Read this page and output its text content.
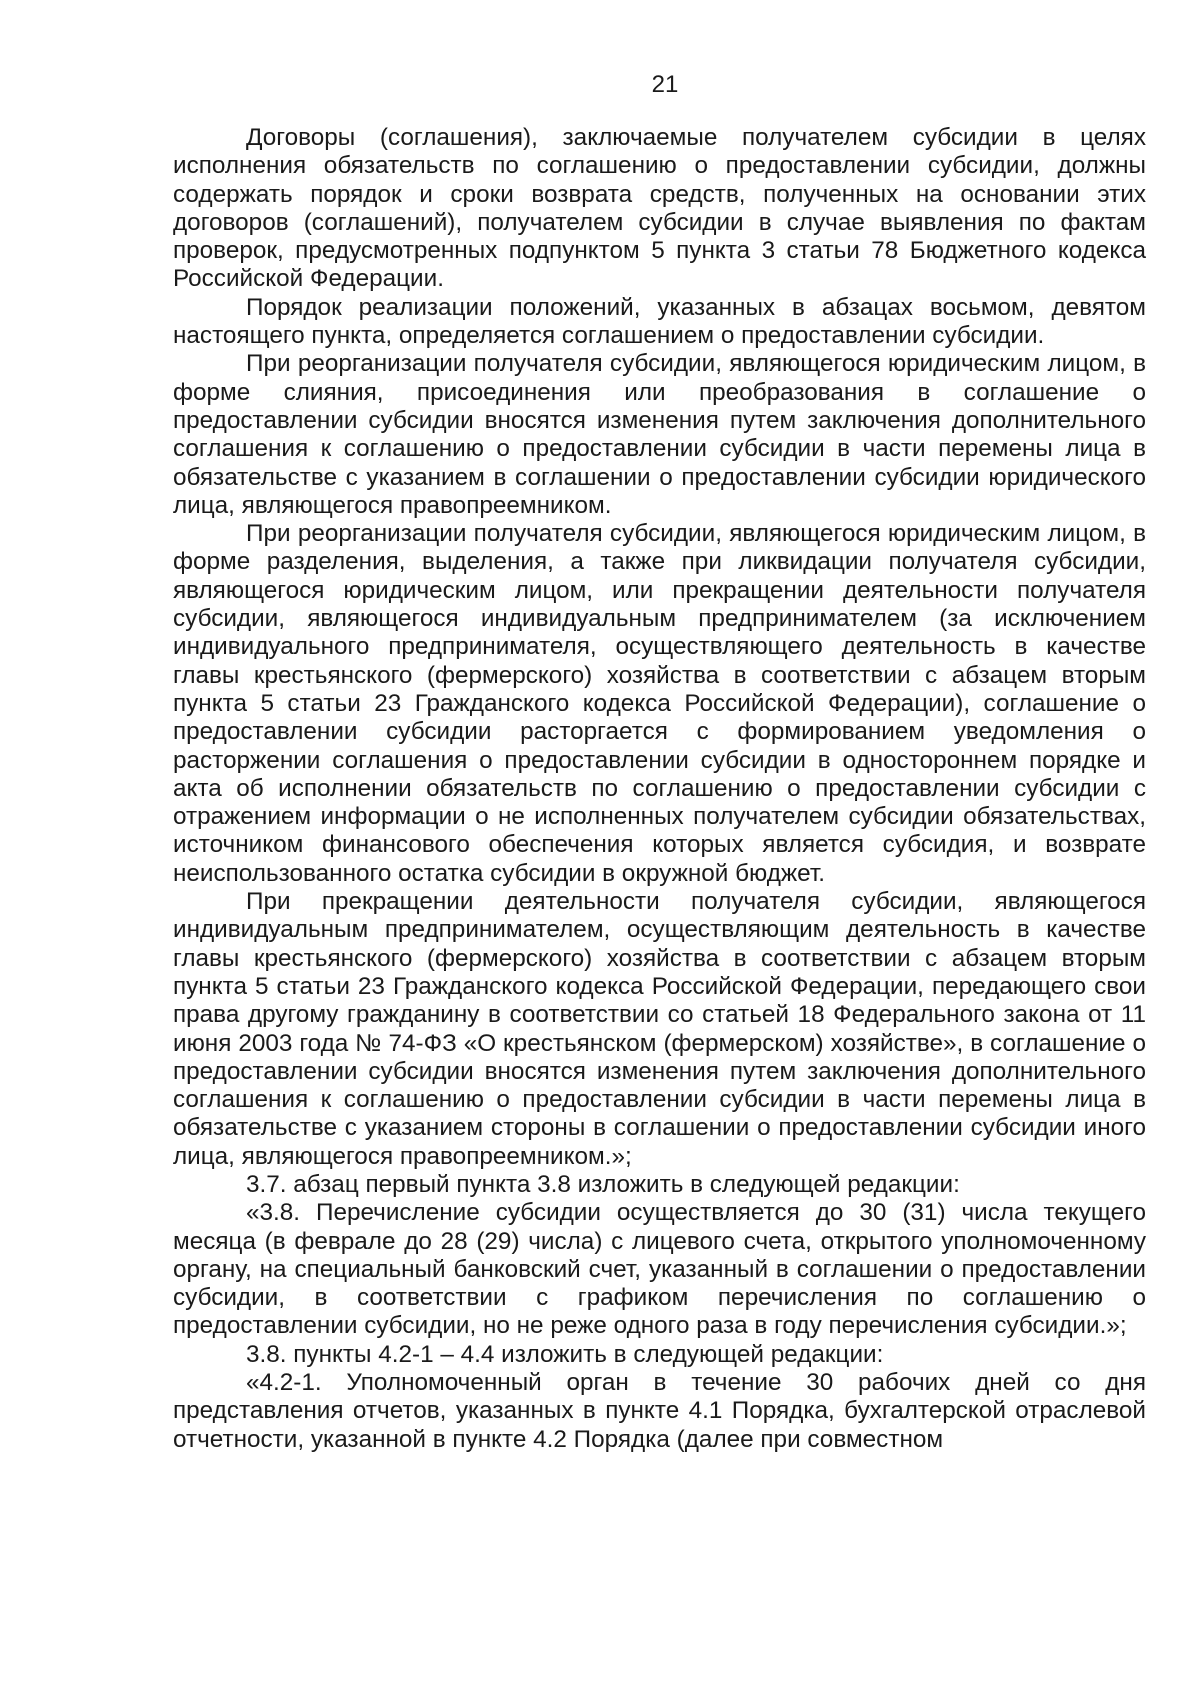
21

Договоры (соглашения), заключаемые получателем субсидии в целях исполнения обязательств по соглашению о предоставлении субсидии, должны содержать порядок и сроки возврата средств, полученных на основании этих договоров (соглашений), получателем субсидии в случае выявления по фактам проверок, предусмотренных подпунктом 5 пункта 3 статьи 78 Бюджетного кодекса Российской Федерации.

Порядок реализации положений, указанных в абзацах восьмом, девятом настоящего пункта, определяется соглашением о предоставлении субсидии.

При реорганизации получателя субсидии, являющегося юридическим лицом, в форме слияния, присоединения или преобразования в соглашение о предоставлении субсидии вносятся изменения путем заключения дополнительного соглашения к соглашению о предоставлении субсидии в части перемены лица в обязательстве с указанием в соглашении о предоставлении субсидии юридического лица, являющегося правопреемником.

При реорганизации получателя субсидии, являющегося юридическим лицом, в форме разделения, выделения, а также при ликвидации получателя субсидии, являющегося юридическим лицом, или прекращении деятельности получателя субсидии, являющегося индивидуальным предпринимателем (за исключением индивидуального предпринимателя, осуществляющего деятельность в качестве главы крестьянского (фермерского) хозяйства в соответствии с абзацем вторым пункта 5 статьи 23 Гражданского кодекса Российской Федерации), соглашение о предоставлении субсидии расторгается с формированием уведомления о расторжении соглашения о предоставлении субсидии в одностороннем порядке и акта об исполнении обязательств по соглашению о предоставлении субсидии с отражением информации о не исполненных получателем субсидии обязательствах, источником финансового обеспечения которых является субсидия, и возврате неиспользованного остатка субсидии в окружной бюджет.

При прекращении деятельности получателя субсидии, являющегося индивидуальным предпринимателем, осуществляющим деятельность в качестве главы крестьянского (фермерского) хозяйства в соответствии с абзацем вторым пункта 5 статьи 23 Гражданского кодекса Российской Федерации, передающего свои права другому гражданину в соответствии со статьей 18 Федерального закона от 11 июня 2003 года № 74-ФЗ «О крестьянском (фермерском) хозяйстве», в соглашение о предоставлении субсидии вносятся изменения путем заключения дополнительного соглашения к соглашению о предоставлении субсидии в части перемены лица в обязательстве с указанием стороны в соглашении о предоставлении субсидии иного лица, являющегося правопреемником.»;

3.7. абзац первый пункта 3.8 изложить в следующей редакции:

«3.8. Перечисление субсидии осуществляется до 30 (31) числа текущего месяца (в феврале до 28 (29) числа) с лицевого счета, открытого уполномоченному органу, на специальный банковский счет, указанный в соглашении о предоставлении субсидии, в соответствии с графиком перечисления по соглашению о предоставлении субсидии, но не реже одного раза в году перечисления субсидии.»;

3.8. пункты 4.2-1 – 4.4 изложить в следующей редакции:

«4.2-1. Уполномоченный орган в течение 30 рабочих дней со дня представления отчетов, указанных в пункте 4.1 Порядка, бухгалтерской отраслевой отчетности, указанной в пункте 4.2 Порядка (далее при совместном
